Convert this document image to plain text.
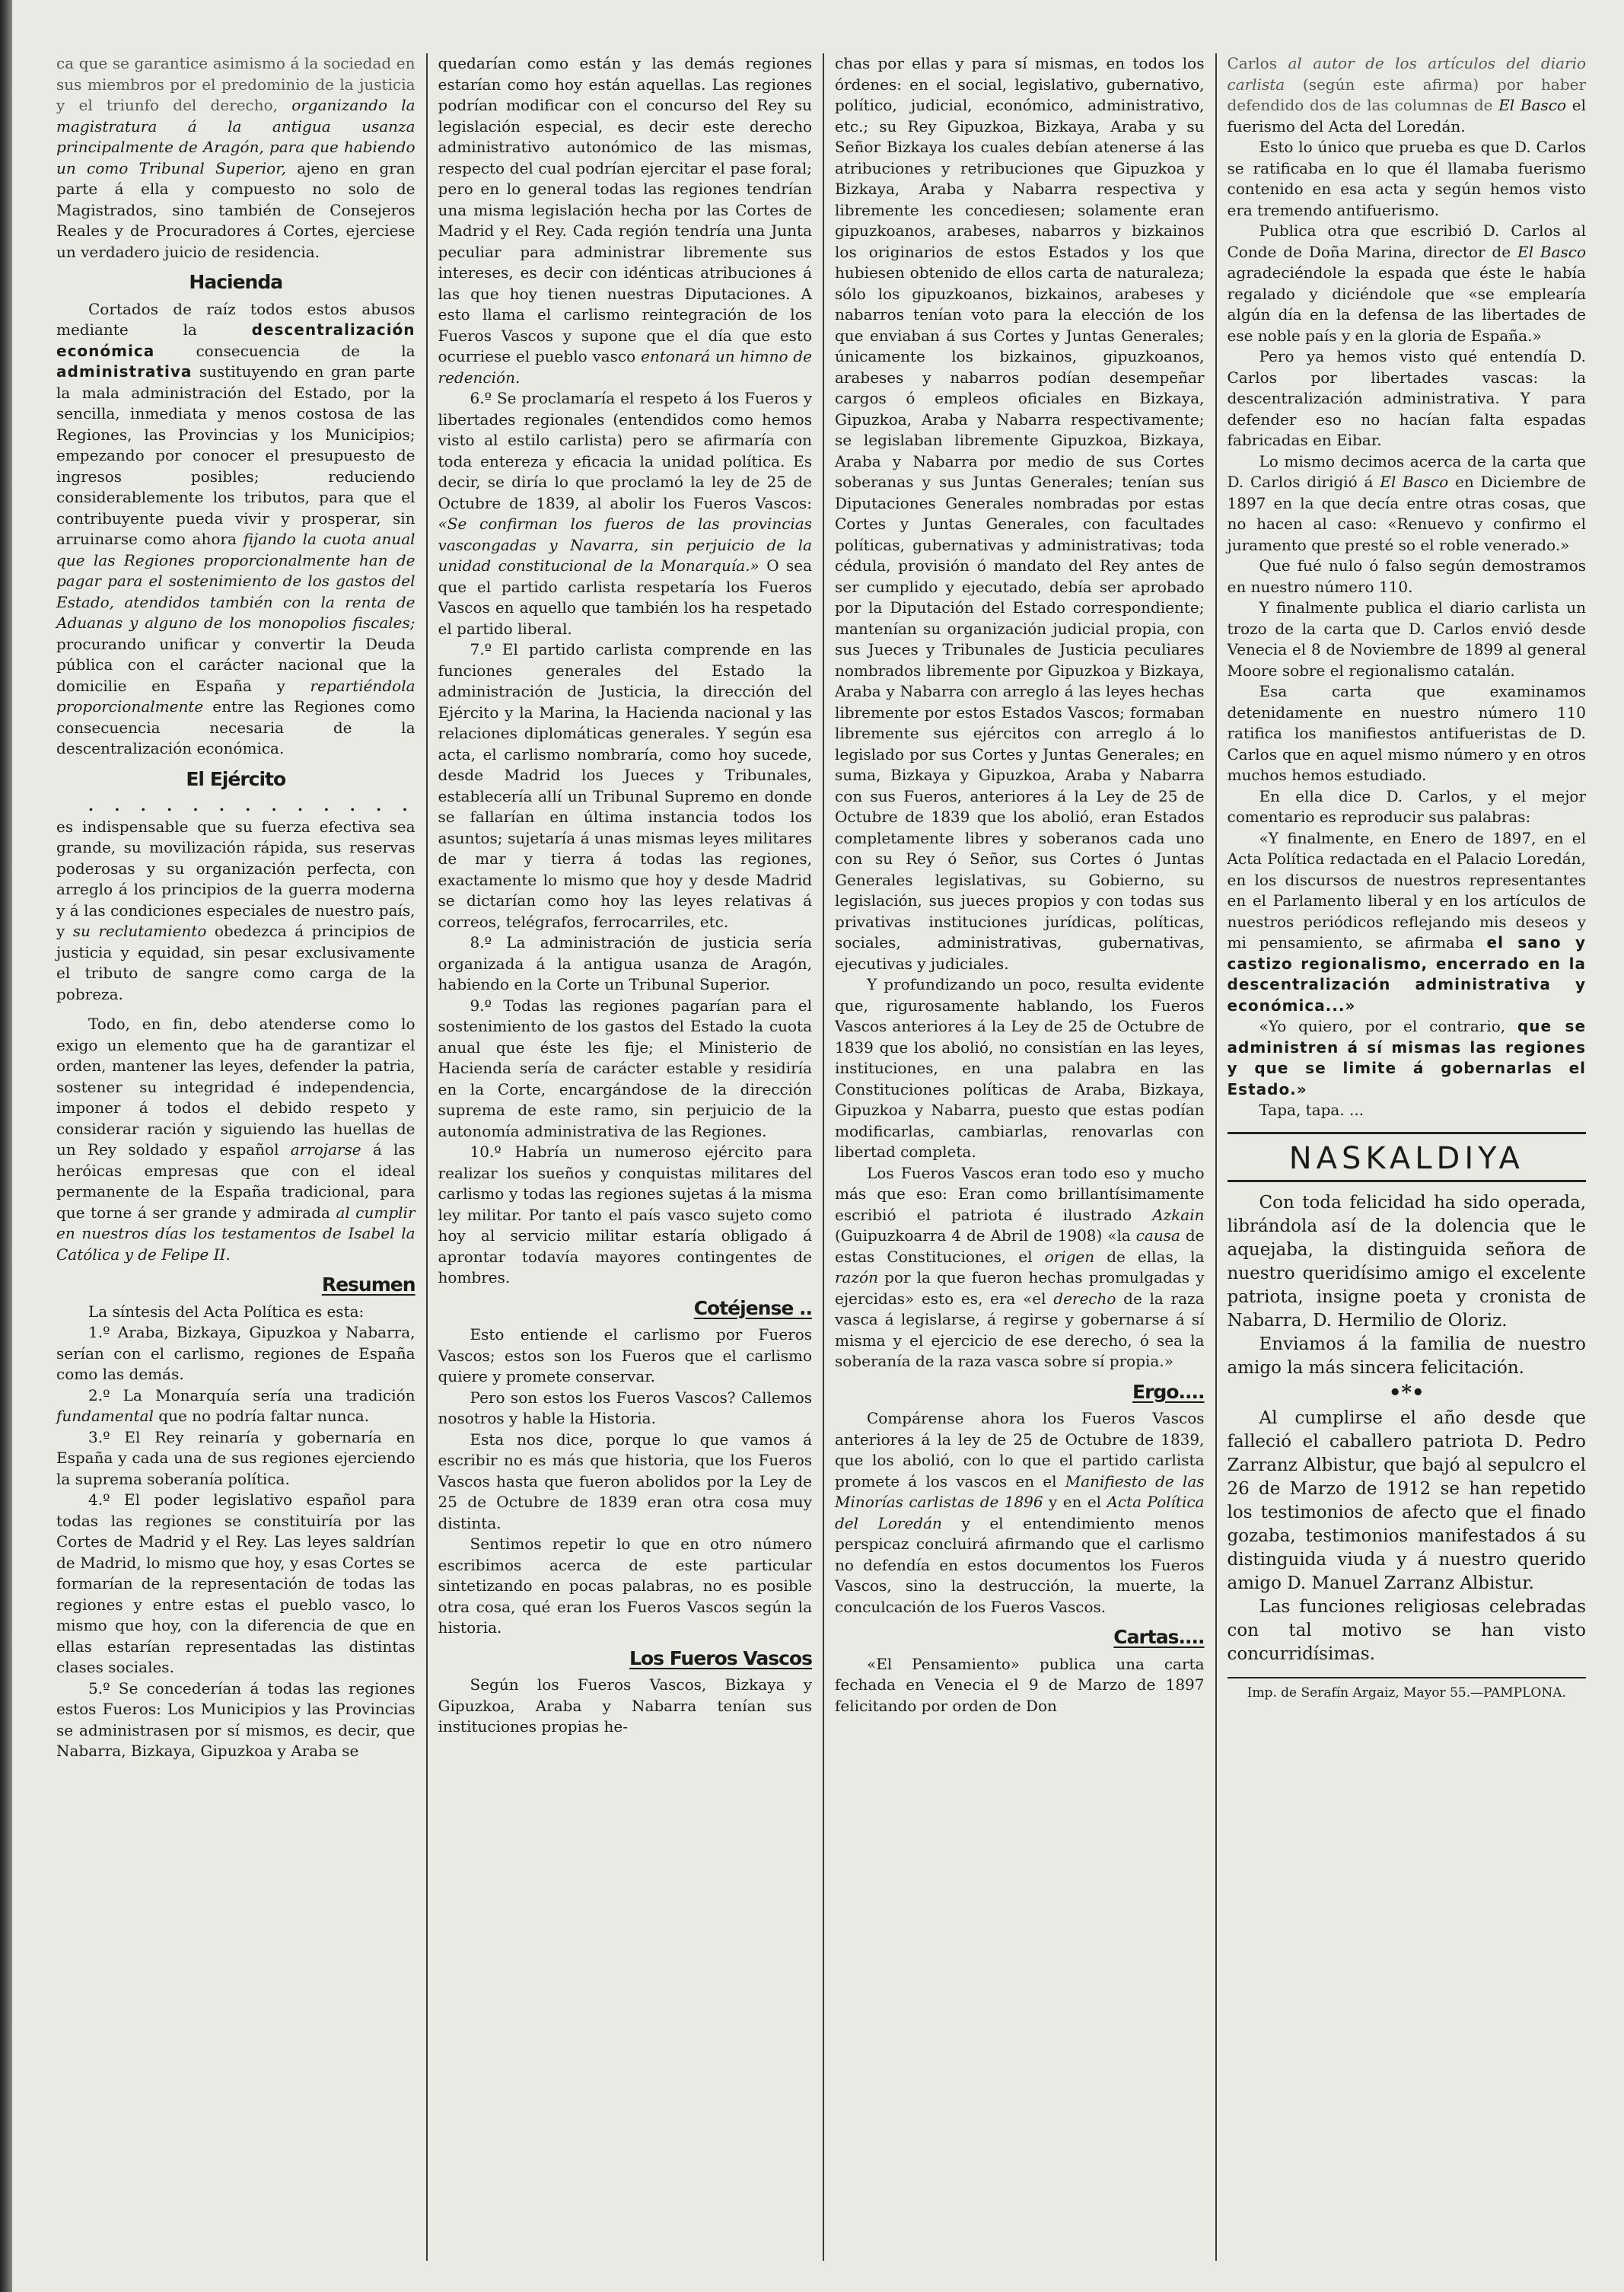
ca que se garantice asimismo á la sociedad en sus miembros por el predominio de la justicia y el triunfo del derecho, organizando la magistratura á la antigua usanza principalmente de Aragón, para que habiendo un como Tribunal Superior, ajeno en gran parte á ella y compuesto no solo de Magistrados, sino también de Consejeros Reales y de Procuradores á Cortes, ejerciese un verdadero juicio de residencia.

Hacienda

Cortados de raíz todos estos abusos mediante la	descentralización económica	consecuencia de la administrativa sustituyendo en gran parte la mala administración del Estado, por la sencilla, inmediata y menos costosa de las Regiones, las Provincias y los Municipios; empezando por conocer el presupuesto de ingresos posibles; reduciendo considerablemente los tributos, para que el contribuyente pueda vivir y prosperar, sin arruinarse como ahora fijando la cuota anual que las Regiones proporcionalmente han de pagar para el sostenimiento de los gastos del Estado, atendidos también con la renta de Aduanas y alguno de los monopolios fiscales; procurando unificar y convertir la Deuda pública con el carácter nacional que la domicilie en España y repartiéndola proporcionalmente entre las Regiones como consecuencia necesaria de la descentralización económica.

El Ejército

. . . . . . . . . . . . . es indispensable que su fuerza efectiva sea grande, su movilización rápida, sus reservas poderosas y su organización perfecta, con arreglo á los principios de la guerra moderna y á las condiciones especiales de nuestro país, y su reclutamiento obedezca á principios de justicia y equidad, sin pesar exclusivamente el tributo de sangre como carga de la pobreza.

Todo, en fin, debo atenderse como lo exigo un elemento que ha de garantizar el orden, mantener las leyes, defender la patria, sostener su integridad é independencia, imponer á todos el debido respeto y considerar ración y siguiendo las huellas de un Rey soldado y español arrojarse á las heróicas empresas que con el ideal permanente de la España tradicional, para que torne á ser grande y admirada al cumplir en nuestros días los testamentos de Isabel la Católica y de Felipe II.

Resumen

La síntesis del Acta Política es esta:

1.º Araba, Bizkaya, Gipuzkoa y Nabarra, serían con el carlismo, regiones de España como las demás.

2.º La Monarquía sería una tradición fundamental que no podría faltar nunca.

3.º El Rey reinaría y gobernaría en España y cada una de sus regiones ejerciendo la suprema soberanía política.

4.º El poder legislativo español para todas las regiones se constituiría por las Cortes de Madrid y el Rey. Las leyes saldrían de Madrid, lo mismo que hoy, y esas Cortes se formarían de la representación de todas las regiones y entre estas el pueblo vasco, lo mismo que hoy, con la diferencia de que en ellas estarían representadas las distintas clases sociales.

5.º Se concederían á todas las regiones estos Fueros: Los Municipios y las Provincias se administrasen por sí mismos, es decir, que Nabarra, Bizkaya, Gipuzkoa y Araba se

quedarían como están y las demás regiones estarían como hoy están aquellas. Las regiones podrían modificar con el concurso del Rey su legislación especial, es decir este derecho administrativo autonómico de las mismas, respecto del cual podrían ejercitar el pase foral; pero en lo general todas las regiones tendrían una misma legislación hecha por las Cortes de Madrid y el Rey. Cada región tendría una Junta peculiar para administrar libremente sus intereses, es decir con idénticas atribuciones á las que hoy tienen nuestras Diputaciones. A esto llama el carlismo reintegración de los Fueros Vascos y supone que el día que esto ocurriese el pueblo vasco entonará un himno de redención.

6.º Se proclamaría el respeto á los Fueros y libertades regionales (entendidos como hemos visto al estilo carlista) pero se afirmaría con toda entereza y eficacia la unidad política. Es decir, se diría lo que proclamó la ley de 25 de Octubre de 1839, al abolir los Fueros Vascos: «Se confirman los fueros de las provincias vascongadas y Navarra, sin perjuicio de la unidad constitucional de la Monarquía.» O sea que el partido carlista respetaría los Fueros Vascos en aquello que también los ha respetado el partido liberal.

7.º El partido carlista comprende en las funciones generales del Estado la administración de Justicia, la dirección del Ejército y la Marina, la Hacienda nacional y las relaciones diplomáticas generales. Y según esa acta, el carlismo nombraría, como hoy sucede, desde Madrid los Jueces y Tribunales, establecería allí un Tribunal Supremo en donde se fallarían en última instancia todos los asuntos; sujetaría á unas mismas leyes militares de mar y tierra á todas las regiones, exactamente lo mismo que hoy y desde Madrid se dictarían como hoy las leyes relativas á correos, telégrafos, ferrocarriles, etc.

8.º La administración de justicia sería organizada á la antigua usanza de Aragón, habiendo en la Corte un Tribunal Superior.

9.º Todas las regiones pagarían para el sostenimiento de los gastos del Estado la cuota anual que éste les fije; el Ministerio de Hacienda sería de carácter estable y residiría en la Corte, encargándose de la dirección suprema de este ramo, sin perjuicio de la autonomía administrativa de las Regiones.

10.º Habría un numeroso ejército para realizar los sueños y conquistas militares del carlismo y todas las regiones sujetas á la misma ley militar. Por tanto el país vasco sujeto como hoy al servicio militar estaría obligado á aprontar todavía mayores contingentes de hombres.

Cotéjense ..

Esto entiende el carlismo por Fueros Vascos; estos son los Fueros que el carlismo quiere y promete conservar.

Pero son estos los Fueros Vascos? Callemos nosotros y hable la Historia.

Esta nos dice, porque lo que vamos á escribir no es más que historia, que los Fueros Vascos hasta que fueron abolidos por la Ley de 25 de Octubre de 1839 eran otra cosa muy distinta.

Sentimos repetir lo que en otro número escribimos acerca de este particular sintetizando en pocas palabras, no es posible otra cosa, qué eran los Fueros Vascos según la historia.

Los Fueros Vascos

Según los Fueros Vascos, Bizkaya y Gipuzkoa, Araba y Nabarra tenían sus instituciones propias he-

chas por ellas y para sí mismas, en todos los órdenes: en el social, legislativo, gubernativo, político, judicial, económico, administrativo, etc.; su Rey Gipuzkoa, Bizkaya, Araba y su Señor Bizkaya los cuales debían atenerse á las atribuciones y retribuciones que Gipuzkoa y Bizkaya, Araba y Nabarra respectiva y libremente les concediesen; solamente eran gipuzkoanos, arabeses, nabarros y bizkainos los originarios de estos Estados y los que hubiesen obtenido de ellos carta de naturaleza; sólo los gipuzkoanos, bizkainos, arabeses y nabarros tenían voto para la elección de los que enviaban á sus Cortes y Juntas Generales; únicamente los bizkainos, gipuzkoanos, arabeses y nabarros podían desempeñar cargos ó empleos oficiales en Bizkaya, Gipuzkoa, Araba y Nabarra respectivamente; se legislaban libremente Gipuzkoa, Bizkaya, Araba y Nabarra por medio de sus Cortes soberanas y sus Juntas Generales; tenían sus Diputaciones Generales nombradas por estas Cortes y Juntas Generales, con facultades políticas, gubernativas y administrativas; toda cédula, provisión ó mandato del Rey antes de ser cumplido y ejecutado, debía ser aprobado por la Diputación del Estado correspondiente; mantenían su organización judicial propia, con sus Jueces y Tribunales de Justicia peculiares nombrados libremente por Gipuzkoa y Bizkaya, Araba y Nabarra con arreglo á las leyes hechas libremente por estos Estados Vascos; formaban libremente sus ejércitos con arreglo á lo legislado por sus Cortes y Juntas Generales; en suma, Bizkaya y Gipuzkoa, Araba y Nabarra con sus Fueros, anteriores á la Ley de 25 de Octubre de 1839 que los abolió, eran Estados completamente libres y soberanos cada uno con su Rey ó Señor, sus Cortes ó Juntas Generales legislativas, su Gobierno, su legislación, sus jueces propios y con todas sus privativas instituciones jurídicas, políticas, sociales, administrativas, gubernativas, ejecutivas y judiciales.

Y profundizando un poco, resulta evidente que, rigurosamente hablando, los Fueros Vascos anteriores á la Ley de 25 de Octubre de 1839 que los abolió, no consistían en las leyes, instituciones, en una palabra en las Constituciones políticas de Araba, Bizkaya, Gipuzkoa y Nabarra, puesto que estas podían modificarlas, cambiarlas, renovarlas con libertad completa.

Los Fueros Vascos eran todo eso y mucho más que eso: Eran como brillantísimamente escribió el patriota é ilustrado Azkain (Guipuzkoarra 4 de Abril de 1908) «la causa de estas Constituciones, el origen de ellas, la razón por la que fueron hechas promulgadas y ejercidas» esto es, era «el derecho de la raza vasca á legislarse, á regirse y gobernarse á sí misma y el ejercicio de ese derecho, ó sea la soberanía de la raza vasca sobre sí propia.»

Ergo....

Compárense ahora los Fueros Vascos anteriores á la ley de 25 de Octubre de 1839, que los abolió, con lo que el partido carlista promete á los vascos en el Manifiesto de las Minorías carlistas de 1896 y en el Acta Política del Loredán y el entendimiento menos perspicaz concluirá afirmando que el carlismo no defendía en estos documentos los Fueros Vascos, sino la destrucción, la muerte, la conculcación de los Fueros Vascos.

Cartas....

«El Pensamiento» publica una carta fechada en Venecia el 9 de Marzo de 1897 felicitando por orden de Don

Carlos al autor de los artículos del diario carlista (según este afirma) por haber defendido dos de las columnas de El Basco el fuerismo del Acta del Loredán.

Esto lo único que prueba es que D. Carlos se ratificaba en lo que él llamaba fuerismo contenido en esa acta y según hemos visto era tremendo antifuerismo.

Publica otra que escribió D. Carlos al Conde de Doña Marina, director de El Basco agradeciéndole la espada que éste le había regalado y diciéndole que «se emplearía algún día en la defensa de las libertades de ese noble país y en la gloria de España.»

Pero ya hemos visto qué entendía D. Carlos por libertades vascas: la descentralización administrativa. Y para defender eso no hacían falta espadas fabricadas en Eibar.

Lo mismo decimos acerca de la carta que D. Carlos dirigió á El Basco en Diciembre de 1897 en la que decía entre otras cosas, que no hacen al caso: «Renuevo y confirmo el juramento que presté so el roble venerado.»

Que fué nulo ó falso según demostramos en nuestro número 110.

Y finalmente publica el diario carlista un trozo de la carta que D. Carlos envió desde Venecia el 8 de Noviembre de 1899 al general Moore sobre el regionalismo catalán.

Esa carta que examinamos detenidamente en nuestro número 110 ratifica los manifiestos antifueristas de D. Carlos que en aquel mismo número y en otros muchos hemos estudiado.

En ella dice D. Carlos, y el mejor comentario es reproducir sus palabras:

«Y finalmente, en Enero de 1897, en el Acta Política redactada en el Palacio Loredán, en los discursos de nuestros representantes en el Parlamento liberal y en los artículos de nuestros periódicos reflejando mis deseos y mi pensamiento, se afirmaba el sano y castizo regionalismo, encerrado en la descentralización administrativa y económica...»

«Yo quiero, por el contrario, que se administren á sí mismas las regiones y que se limite á gobernarlas el Estado.»

Tapa, tapa. ...

NASKALDIYA

Con toda felicidad ha sido operada, librándola así de la dolencia que le aquejaba, la distinguida señora de nuestro queridísimo amigo el excelente patriota, insigne poeta y cronista de Nabarra, D. Hermilio de Oloriz.

Enviamos á la familia de nuestro amigo la más sincera felicitación.

•*•

Al cumplirse el año desde que falleció el caballero patriota D. Pedro Zarranz Albistur, que bajó al sepulcro el 26 de Marzo de 1912 se han repetido los testimonios de afecto que el finado gozaba, testimonios manifestados á su distinguida viuda y á nuestro querido amigo D. Manuel Zarranz Albistur.

Las funciones religiosas celebradas con tal motivo se han visto concurridísimas.

Imp. de Serafín Argaiz, Mayor 55.—PAMPLONA.
